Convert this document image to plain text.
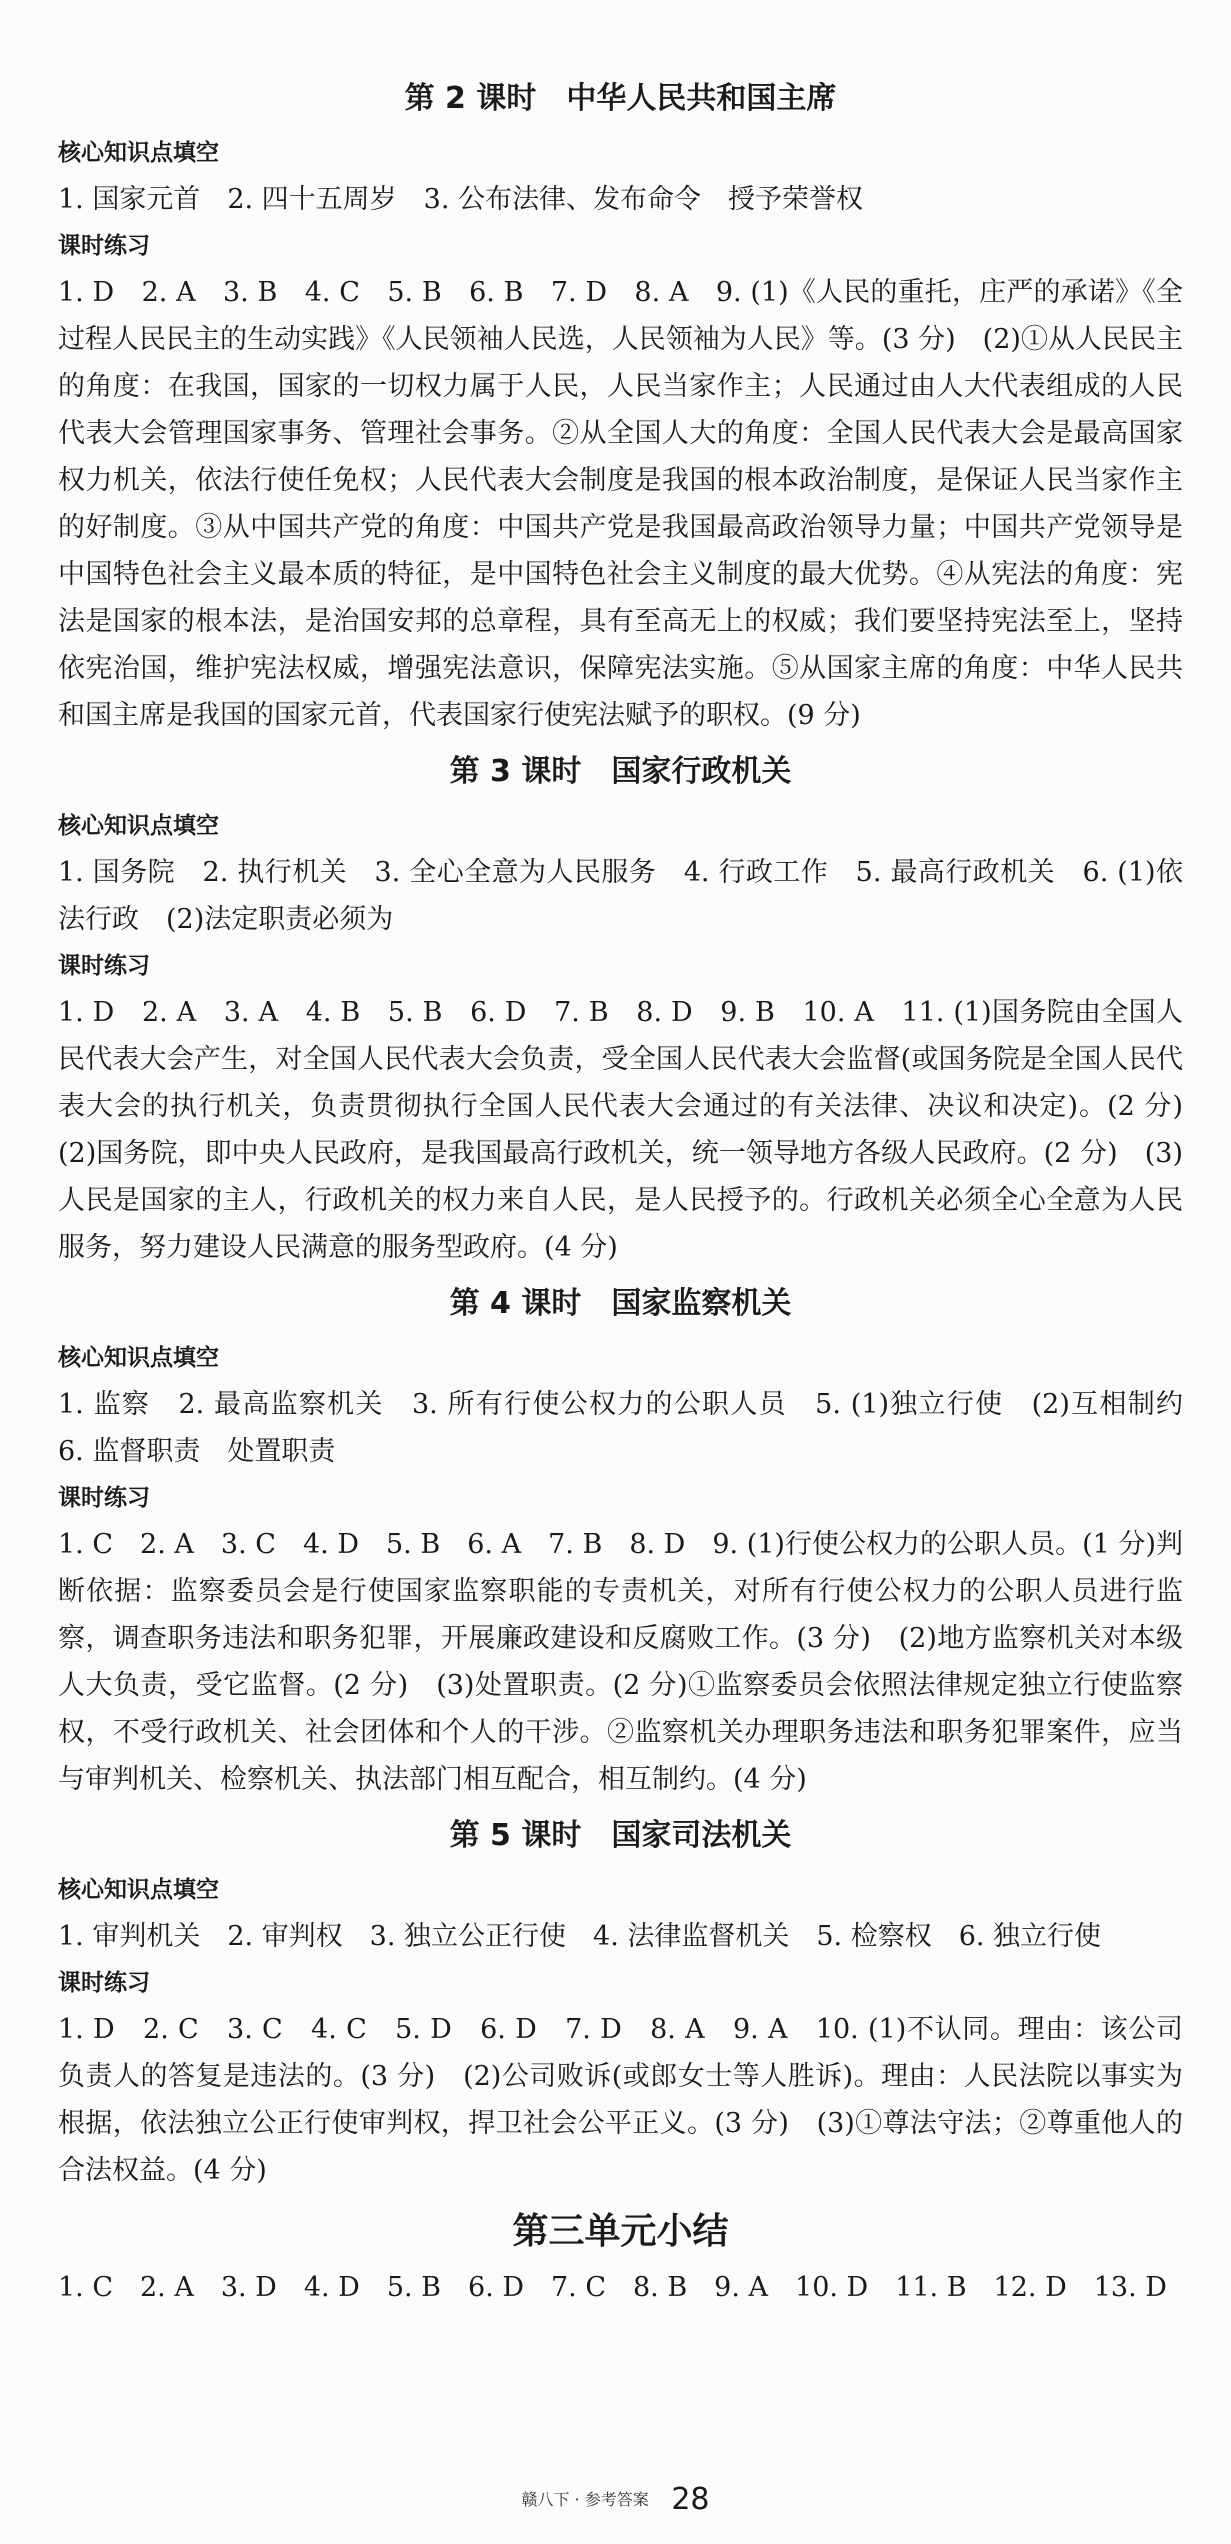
第 2 课时　中华人民共和国主席
核心知识点填空
1. 国家元首　2. 四十五周岁　3. 公布法律、发布命令　授予荣誉权
课时练习
1. D　2. A　3. B　4. C　5. B　6. B　7. D　8. A　9. (1)《人民的重托，庄严的承诺》《全过程人民民主的生动实践》《人民领袖人民选，人民领袖为人民》等。(3 分)　(2)①从人民民主的角度：在我国，国家的一切权力属于人民，人民当家作主；人民通过由人大代表组成的人民代表大会管理国家事务、管理社会事务。②从全国人大的角度：全国人民代表大会是最高国家权力机关，依法行使任免权；人民代表大会制度是我国的根本政治制度，是保证人民当家作主的好制度。③从中国共产党的角度：中国共产党是我国最高政治领导力量；中国共产党领导是中国特色社会主义最本质的特征，是中国特色社会主义制度的最大优势。④从宪法的角度：宪法是国家的根本法，是治国安邦的总章程，具有至高无上的权威；我们要坚持宪法至上，坚持依宪治国，维护宪法权威，增强宪法意识，保障宪法实施。⑤从国家主席的角度：中华人民共和国主席是我国的国家元首，代表国家行使宪法赋予的职权。(9 分)
第 3 课时　国家行政机关
核心知识点填空
1. 国务院　2. 执行机关　3. 全心全意为人民服务　4. 行政工作　5. 最高行政机关　6. (1)依法行政　(2)法定职责必须为
课时练习
1. D　2. A　3. A　4. B　5. B　6. D　7. B　8. D　9. B　10. A　11. (1)国务院由全国人民代表大会产生，对全国人民代表大会负责，受全国人民代表大会监督(或国务院是全国人民代表大会的执行机关，负责贯彻执行全国人民代表大会通过的有关法律、决议和决定)。(2 分)　(2)国务院，即中央人民政府，是我国最高行政机关，统一领导地方各级人民政府。(2 分)　(3)人民是国家的主人，行政机关的权力来自人民，是人民授予的。行政机关必须全心全意为人民服务，努力建设人民满意的服务型政府。(4 分)
第 4 课时　国家监察机关
核心知识点填空
1. 监察　2. 最高监察机关　3. 所有行使公权力的公职人员　5. (1)独立行使　(2)互相制约　6. 监督职责　处置职责
课时练习
1. C　2. A　3. C　4. D　5. B　6. A　7. B　8. D　9. (1)行使公权力的公职人员。(1 分)判断依据：监察委员会是行使国家监察职能的专责机关，对所有行使公权力的公职人员进行监察，调查职务违法和职务犯罪，开展廉政建设和反腐败工作。(3 分)　(2)地方监察机关对本级人大负责，受它监督。(2 分)　(3)处置职责。(2 分)①监察委员会依照法律规定独立行使监察权，不受行政机关、社会团体和个人的干涉。②监察机关办理职务违法和职务犯罪案件，应当与审判机关、检察机关、执法部门相互配合，相互制约。(4 分)
第 5 课时　国家司法机关
核心知识点填空
1. 审判机关　2. 审判权　3. 独立公正行使　4. 法律监督机关　5. 检察权　6. 独立行使
课时练习
1. D　2. C　3. C　4. C　5. D　6. D　7. D　8. A　9. A　10. (1)不认同。理由：该公司负责人的答复是违法的。(3 分)　(2)公司败诉(或郎女士等人胜诉)。理由：人民法院以事实为根据，依法独立公正行使审判权，捍卫社会公平正义。(3 分)　(3)①尊法守法；②尊重他人的合法权益。(4 分)
第三单元小结
1. C　2. A　3. D　4. D　5. B　6. D　7. C　8. B　9. A　10. D　11. B　12. D　13. D
赣八下 · 参考答案 28
